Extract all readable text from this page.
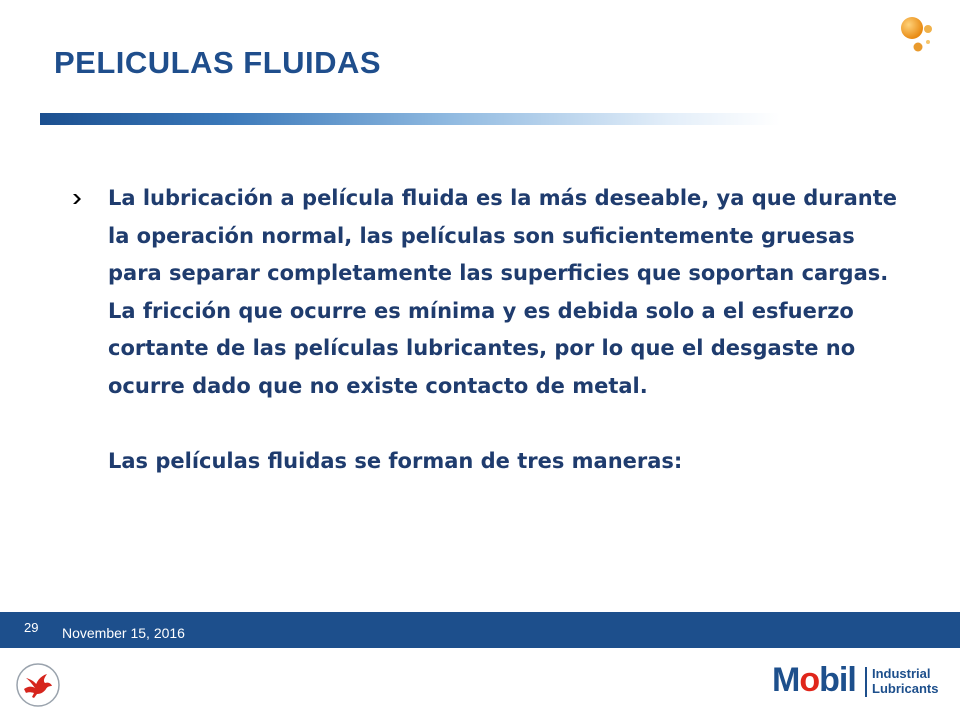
PELICULAS FLUIDAS

La lubricación a película fluida es la más deseable, ya que durante la operación normal, las películas son suficientemente gruesas para separar completamente las superficies que soportan cargas.

La fricción que ocurre es mínima y es debida solo a el esfuerzo cortante de las películas lubricantes, por lo que el desgaste no ocurre dado que no existe contacto de metal.

Las películas fluidas se forman de tres maneras:

29 November 15, 2016
Mobil Industrial
Lubricants
